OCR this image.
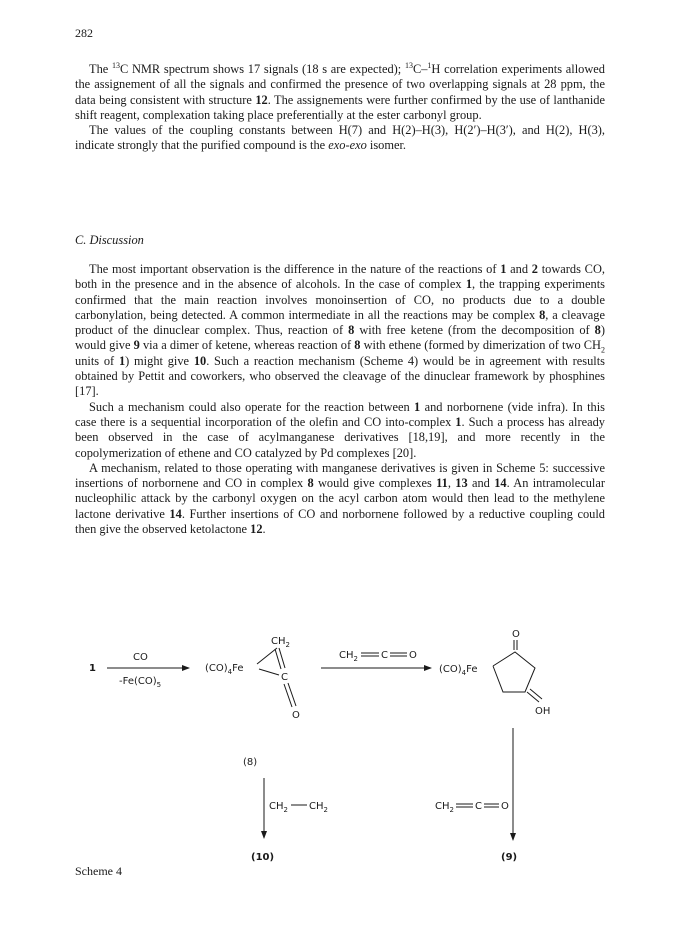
282

The $^{13}$C NMR spectrum shows 17 signals (18 s are expected); $^{13}$C–$^1$H correlation experiments allowed the assignement of all the signals and confirmed the presence of two overlapping signals at 28 ppm, the data being consistent with structure 12. The assignements were further confirmed by the use of lanthanide shift reagent, complexation taking place preferentially at the ester carbonyl group.

The values of the coupling constants between H(7) and H(2)–H(3), H(2′)–H(3′), and H(2), H(3), indicate strongly that the purified compound is the exo-exo isomer.

C. Discussion

The most important observation is the difference in the nature of the reactions of 1 and 2 towards CO, both in the presence and in the absence of alcohols. In the case of complex 1, the trapping experiments confirmed that the main reaction involves monoinsertion of CO, no products due to a double carbonylation, being detected. A common intermediate in all the reactions may be complex 8, a cleavage product of the dinuclear complex. Thus, reaction of 8 with free ketene (from the decomposition of 8) would give 9 via a dimer of ketene, whereas reaction of 8 with ethene (formed by dimerization of two $CH_2$ units of 1) might give 10. Such a reaction mechanism (Scheme 4) would be in agreement with results obtained by Pettit and coworkers, who observed the cleavage of the dinuclear framework by phosphines [17].

Such a mechanism could also operate for the reaction between 1 and norbornene (vide infra). In this case there is a sequential incorporation of the olefin and CO into-complex 1. Such a process has already been observed in the case of acylmanganese derivatives [18,19], and more recently in the copolymerization of ethene and CO catalyzed by Pd complexes [20].

A mechanism, related to those operating with manganese derivatives is given in Scheme 5: successive insertions of norbornene and CO in complex 8 would give complexes 11, 13 and 14. An intramolecular nucleophilic attack by the carbonyl oxygen on the acyl carbon atom would then lead to the methylene lactone derivative 14. Further insertions of CO and norbornene followed by a reductive coupling could then give the observed ketolactone 12.

1
CO
$-Fe(CO)_5$
$(CO)_4Fe$
$CH_2$
C
O
(8)
$CH_2$ C O
$(CO)_4Fe$
O
OH
$CH_2$ $CH_2$	$CH_2$ C O
(10)	(9)
Scheme 4
